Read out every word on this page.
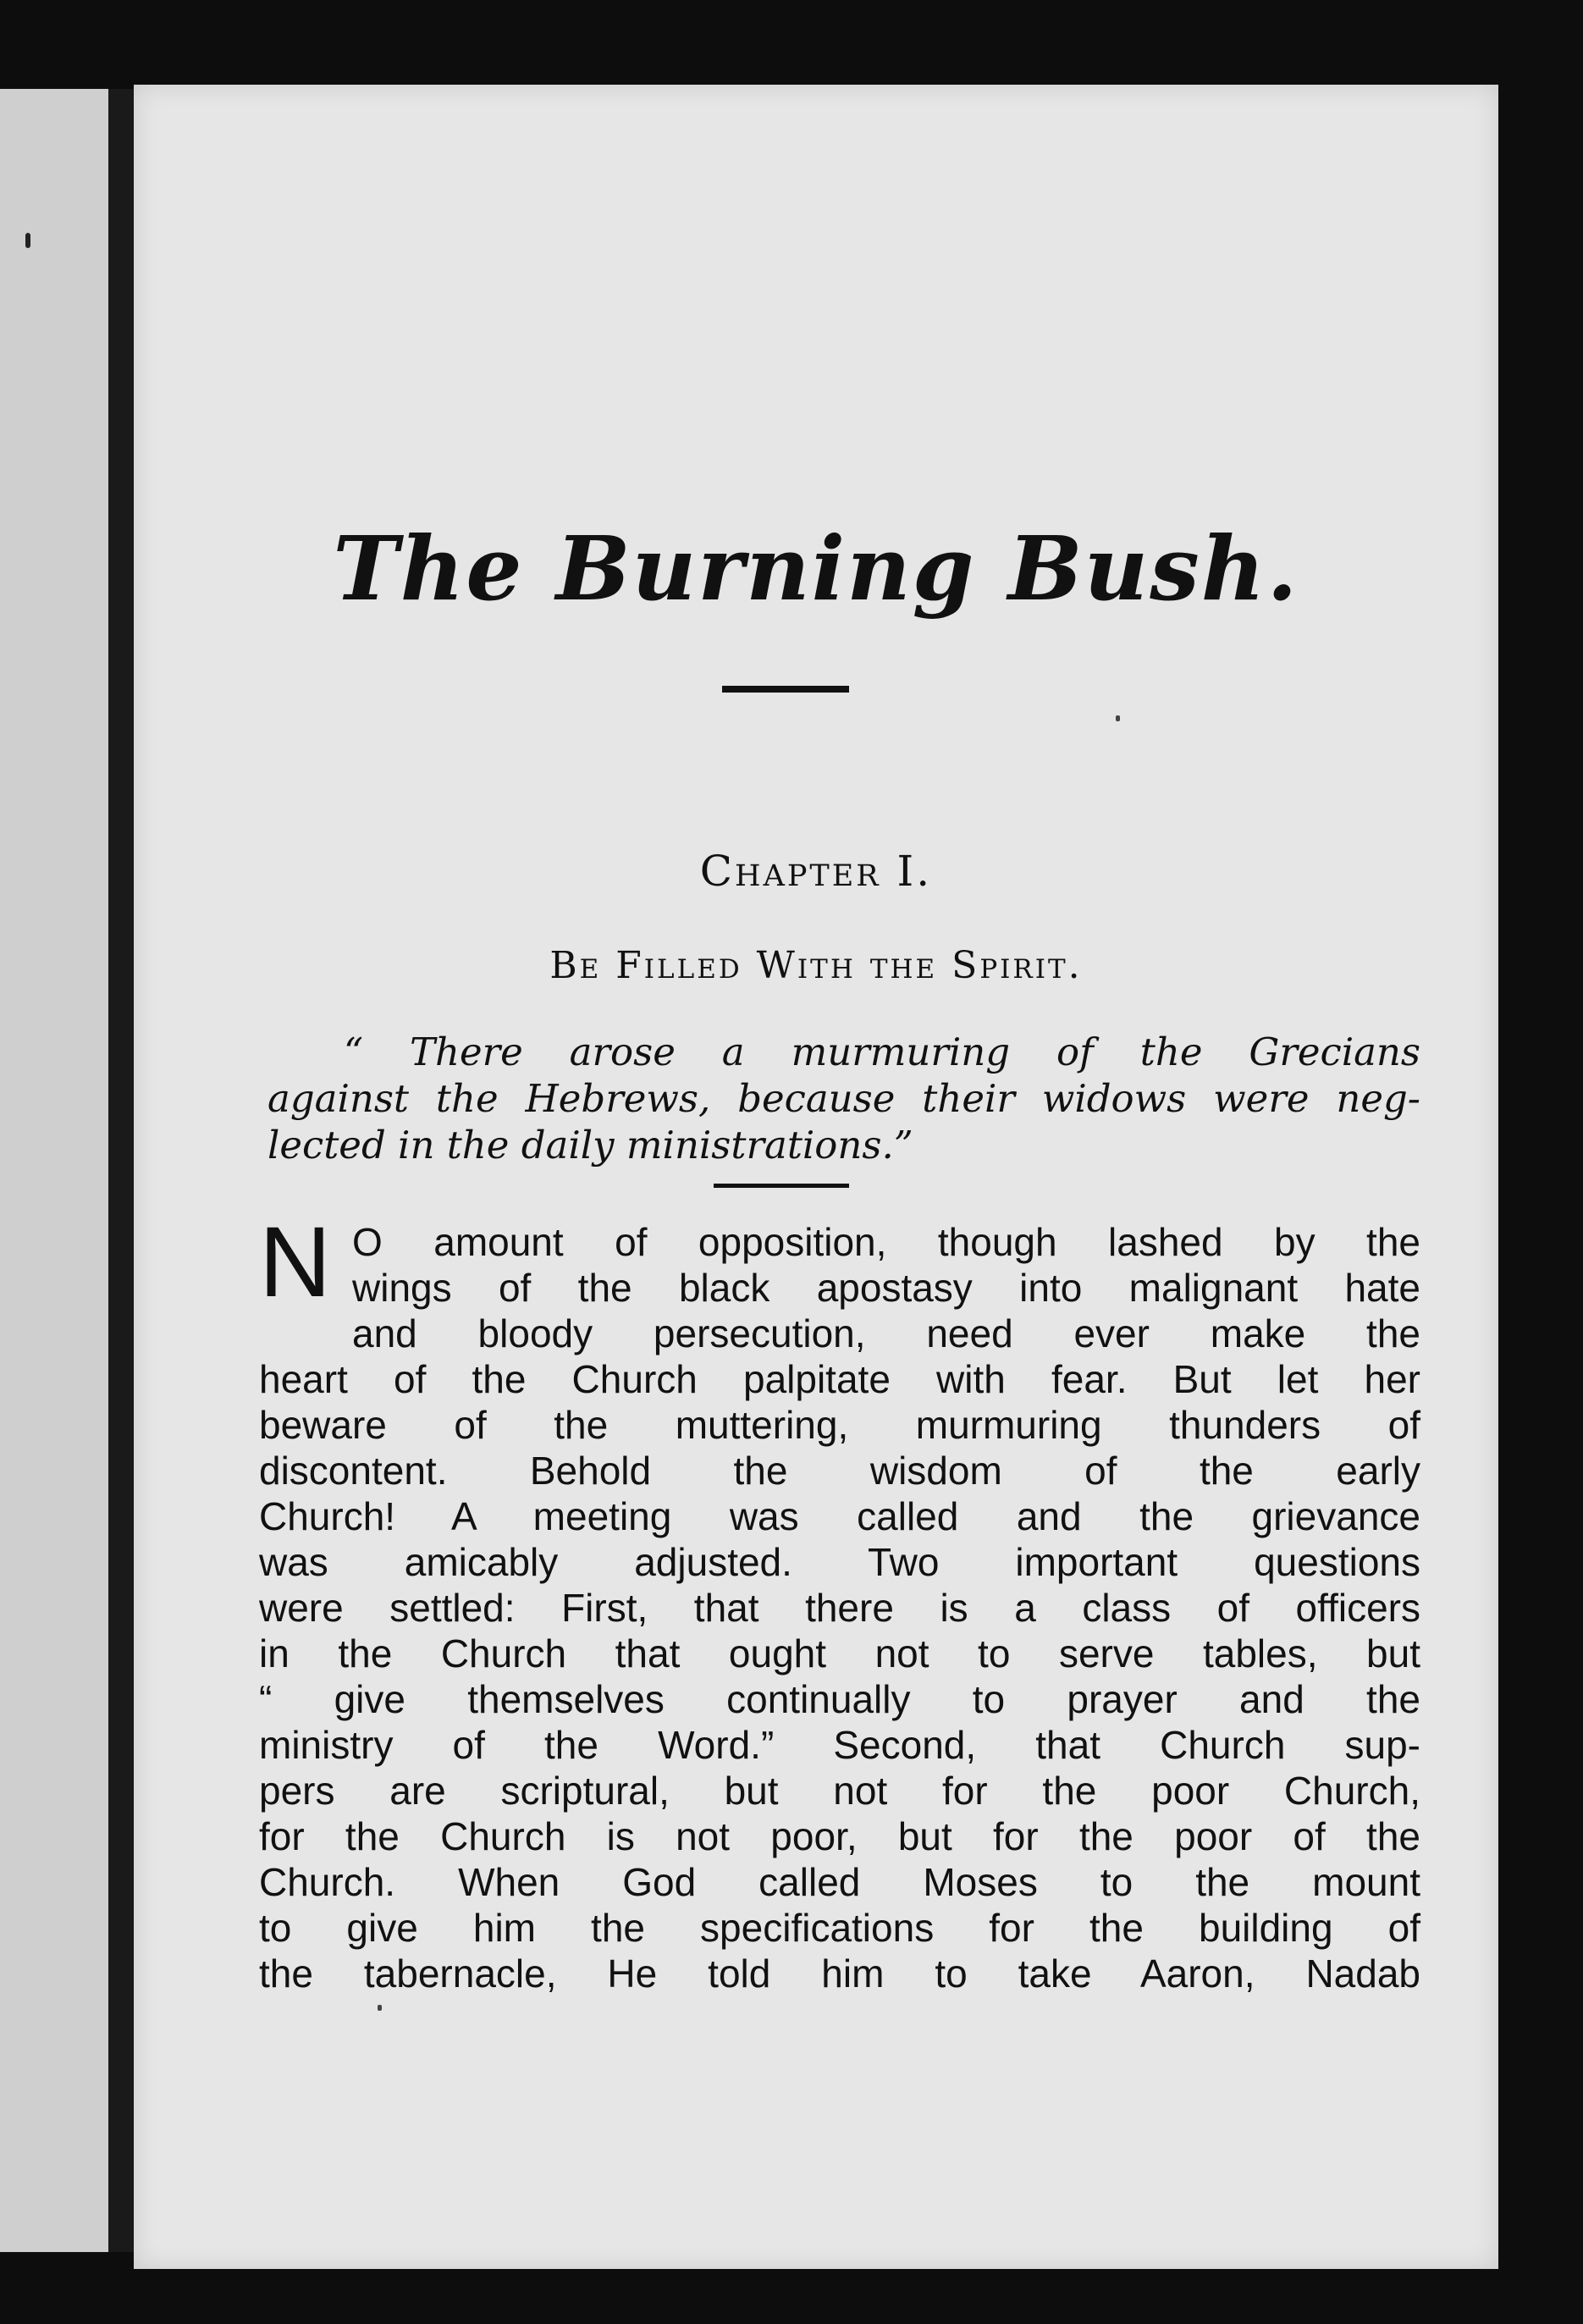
The Burning Bush.
Chapter I.
Be Filled With the Spirit.
“ There arose a murmuring of the Grecians
against the Hebrews, because their widows were neg-
lected in the daily ministrations.”
N O amount of opposition, though lashed by the
wings of the black apostasy into malignant hate
and bloody persecution, need ever make the
heart of the Church palpitate with fear. But let her
beware of the muttering, murmuring thunders of
discontent. Behold the wisdom of the early
Church! A meeting was called and the grievance
was amicably adjusted. Two important questions
were settled: First, that there is a class of officers
in the Church that ought not to serve tables, but
“ give themselves continually to prayer and the
ministry of the Word.” Second, that Church sup-
pers are scriptural, but not for the poor Church,
for the Church is not poor, but for the poor of the
Church. When God called Moses to the mount
to give him the specifications for the building of
the tabernacle, He told him to take Aaron, Nadab
